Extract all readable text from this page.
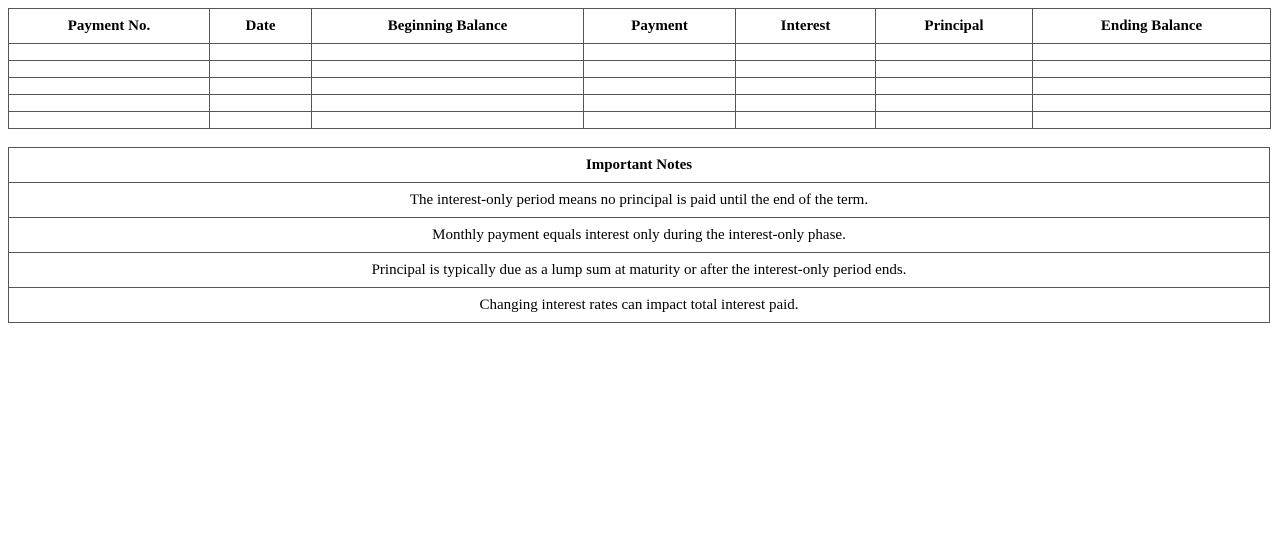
Payment No.	Date	Beginning Balance	Payment	Interest	Principal	Ending Balance

Important Notes
The interest-only period means no principal is paid until the end of the term.
Monthly payment equals interest only during the interest-only phase.
Principal is typically due as a lump sum at maturity or after the interest-only period ends.
Changing interest rates can impact total interest paid.
